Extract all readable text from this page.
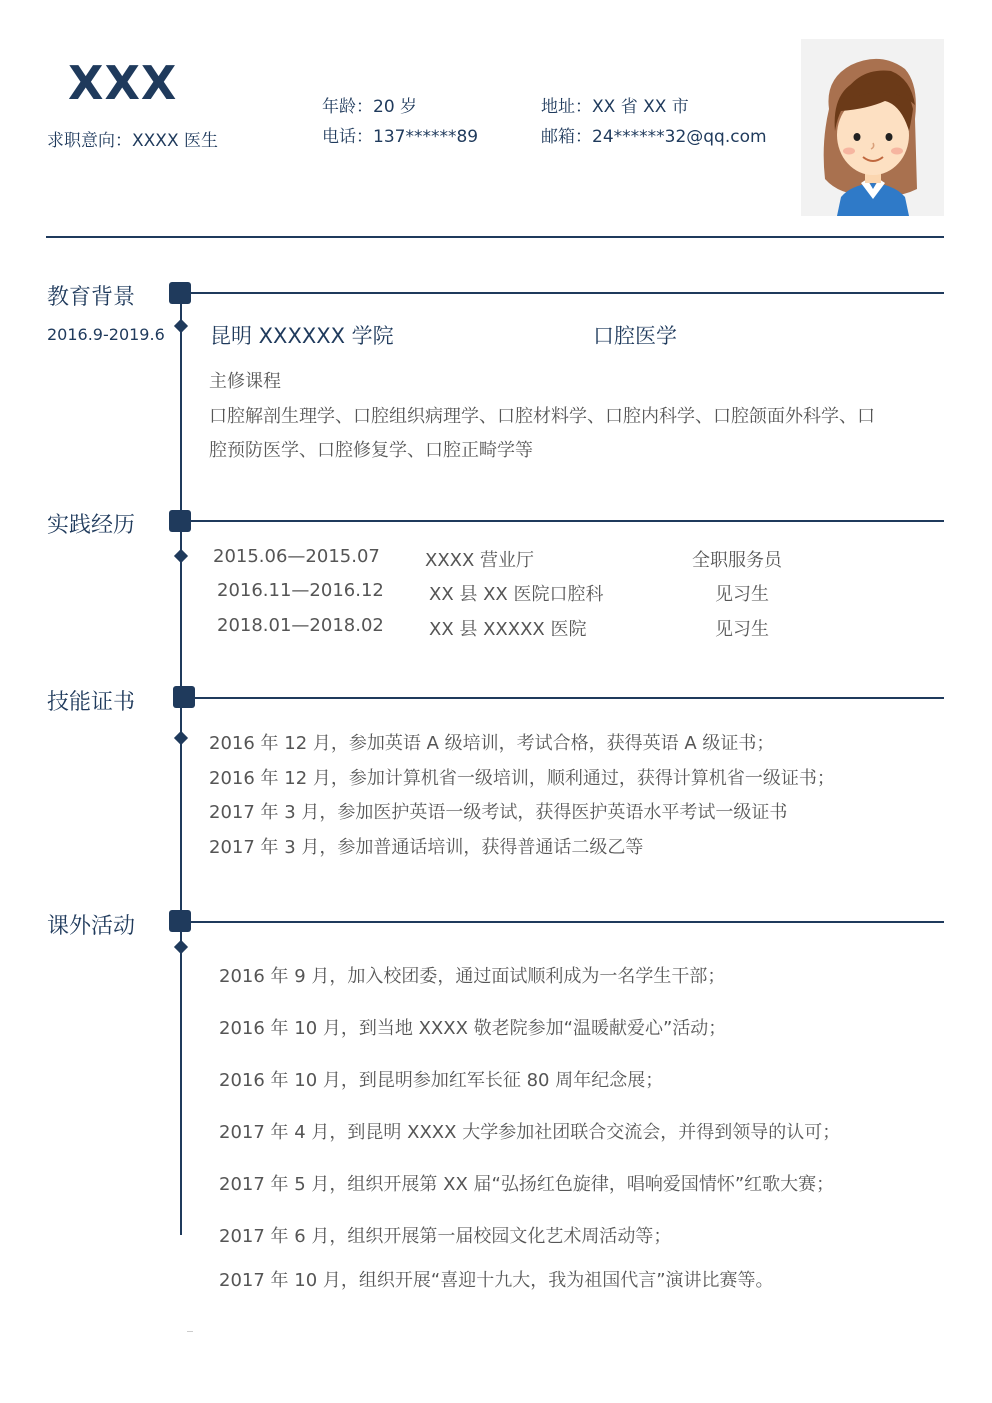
XXX
求职意向：XXXX 医生
年龄：20 岁
电话：137******89
地址：XX 省 XX 市
邮箱：24******32@qq.com
教育背景
2016.9-2019.6 昆明 XXXXXX 学院	口腔医学
主修课程
口腔解剖生理学、口腔组织病理学、口腔材料学、口腔内科学、口腔颌面外科学、口
腔预防医学、口腔修复学、口腔正畸学等
实践经历
2015.06—2015.07	XXXX 营业厅	全职服务员
2016.11—2016.12	XX 县 XX 医院口腔科	见习生
2018.01—2018.02	XX 县 XXXXX 医院	见习生
技能证书
2016 年 12 月，参加英语 A 级培训，考试合格，获得英语 A 级证书；
2016 年 12 月，参加计算机省一级培训，顺利通过，获得计算机省一级证书；
2017 年 3 月，参加医护英语一级考试，获得医护英语水平考试一级证书
2017 年 3 月，参加普通话培训，获得普通话二级乙等
课外活动
2016 年 9 月，加入校团委，通过面试顺利成为一名学生干部；
2016 年 10 月，到当地 XXXX 敬老院参加“温暖献爱心”活动；
2016 年 10 月，到昆明参加红军长征 80 周年纪念展；
2017 年 4 月，到昆明 XXXX 大学参加社团联合交流会，并得到领导的认可；
2017 年 5 月，组织开展第 XX 届“弘扬红色旋律，唱响爱国情怀”红歌大赛；
2017 年 6 月，组织开展第一届校园文化艺术周活动等；
2017 年 10 月，组织开展“喜迎十九大，我为祖国代言”演讲比赛等。
